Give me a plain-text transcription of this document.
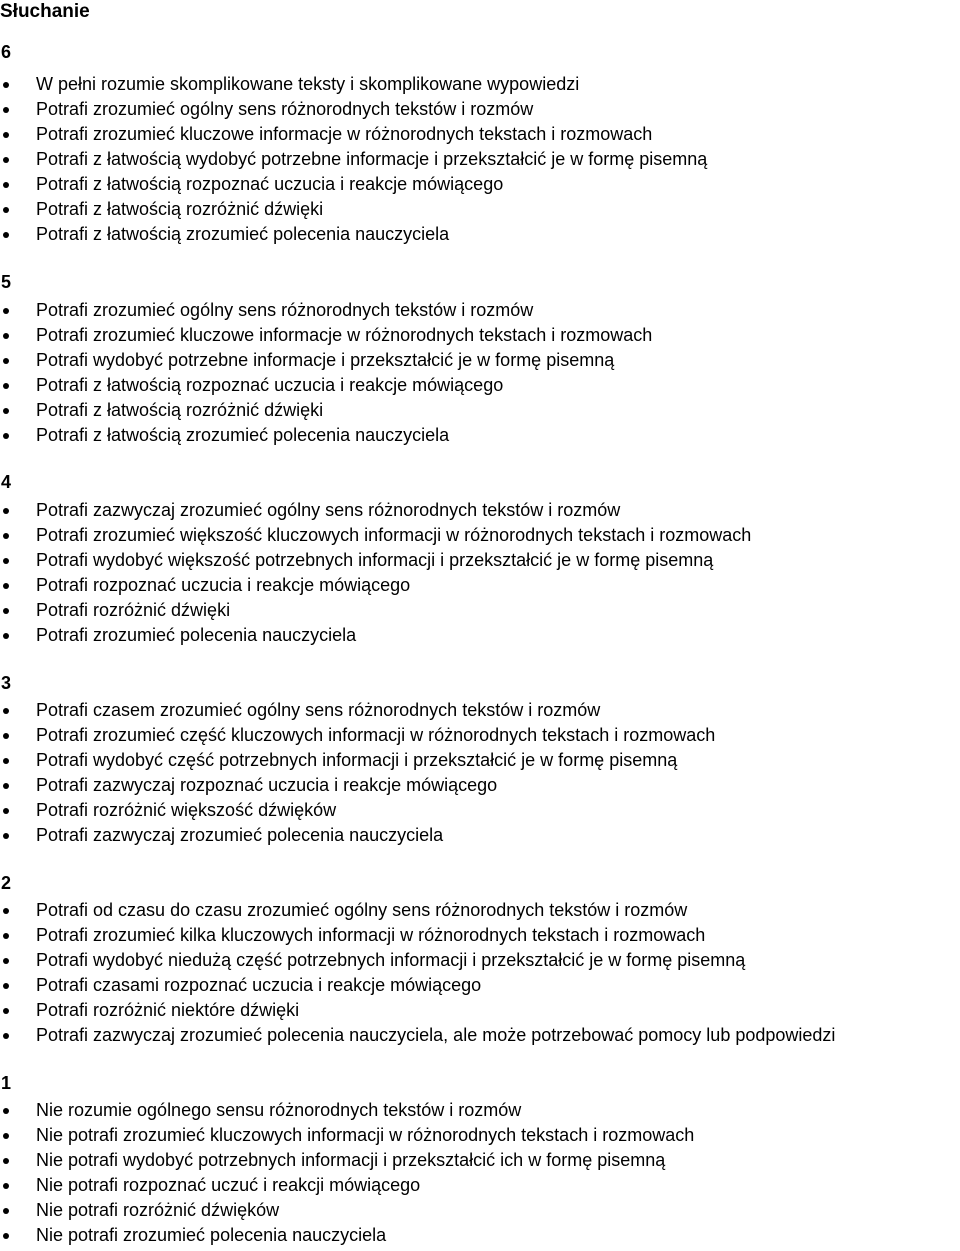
Słuchanie
6
W pełni rozumie skomplikowane teksty i skomplikowane wypowiedzi
Potrafi zrozumieć ogólny sens różnorodnych tekstów i rozmów
Potrafi zrozumieć kluczowe informacje w różnorodnych tekstach i rozmowach
Potrafi z łatwością wydobyć potrzebne informacje i przekształcić je w formę pisemną
Potrafi z łatwością rozpoznać uczucia i reakcje mówiącego
Potrafi z łatwością rozróżnić dźwięki
Potrafi z łatwością zrozumieć polecenia nauczyciela
5
Potrafi zrozumieć ogólny sens różnorodnych tekstów i rozmów
Potrafi zrozumieć kluczowe informacje w różnorodnych tekstach i rozmowach
Potrafi wydobyć potrzebne informacje i przekształcić je w formę pisemną
Potrafi z łatwością rozpoznać uczucia i reakcje mówiącego
Potrafi z łatwością rozróżnić dźwięki
Potrafi z łatwością zrozumieć polecenia nauczyciela
4
Potrafi zazwyczaj zrozumieć ogólny sens różnorodnych tekstów i rozmów
Potrafi zrozumieć większość kluczowych informacji w różnorodnych tekstach i rozmowach
Potrafi wydobyć większość potrzebnych informacji i przekształcić je w formę pisemną
Potrafi rozpoznać uczucia i reakcje mówiącego
Potrafi rozróżnić dźwięki
Potrafi zrozumieć polecenia nauczyciela
3
Potrafi czasem zrozumieć ogólny sens różnorodnych tekstów i rozmów
Potrafi zrozumieć część kluczowych informacji w różnorodnych tekstach i rozmowach
Potrafi wydobyć część potrzebnych informacji i przekształcić je w formę pisemną
Potrafi zazwyczaj rozpoznać uczucia i reakcje mówiącego
Potrafi rozróżnić większość dźwięków
Potrafi zazwyczaj zrozumieć polecenia nauczyciela
2
Potrafi od czasu do czasu zrozumieć ogólny sens różnorodnych tekstów i rozmów
Potrafi zrozumieć kilka kluczowych informacji w różnorodnych tekstach i rozmowach
Potrafi wydobyć niedużą część potrzebnych informacji i przekształcić je w formę pisemną
Potrafi czasami rozpoznać uczucia i reakcje mówiącego
Potrafi rozróżnić niektóre dźwięki
Potrafi zazwyczaj zrozumieć polecenia nauczyciela, ale może potrzebować pomocy lub podpowiedzi
1
Nie rozumie ogólnego sensu różnorodnych tekstów i rozmów
Nie potrafi zrozumieć kluczowych informacji w różnorodnych tekstach i rozmowach
Nie potrafi wydobyć potrzebnych informacji i przekształcić ich w formę pisemną
Nie potrafi rozpoznać uczuć i reakcji mówiącego
Nie potrafi rozróżnić dźwięków
Nie potrafi zrozumieć polecenia nauczyciela
